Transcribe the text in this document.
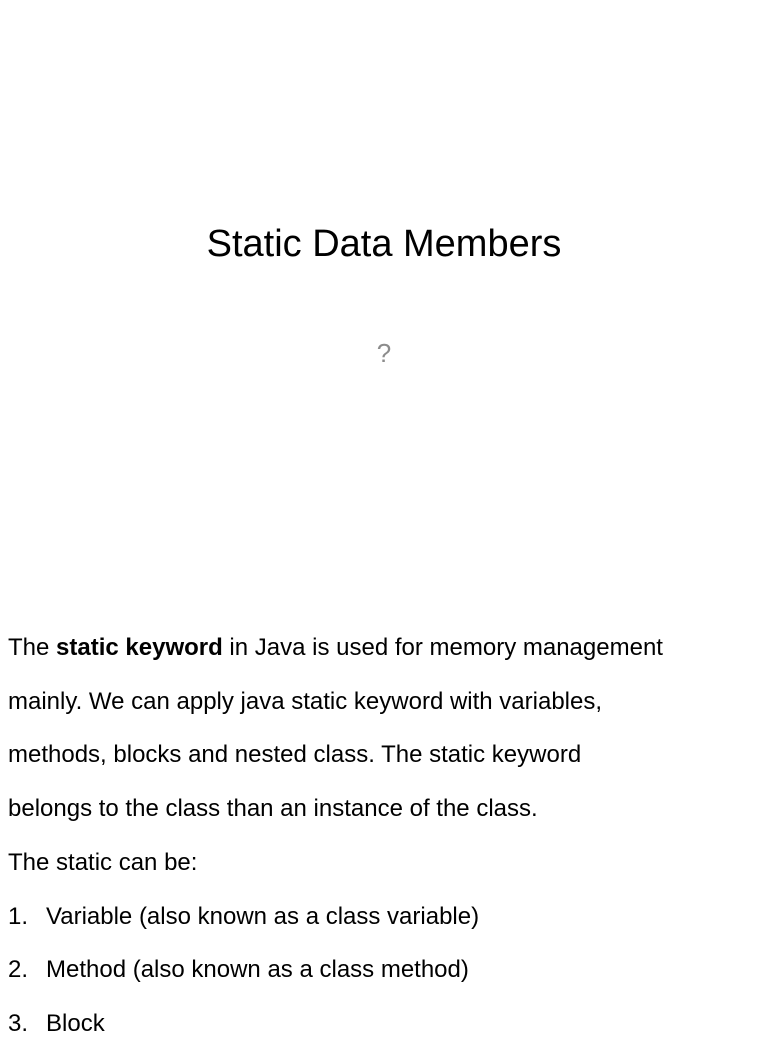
Static Data Members
?
The static keyword in Java is used for memory management
mainly. We can apply java static keyword with variables,
methods, blocks and nested class. The static keyword
belongs to the class than an instance of the class.
The static can be:
1. Variable (also known as a class variable)
2. Method (also known as a class method)
3. Block
